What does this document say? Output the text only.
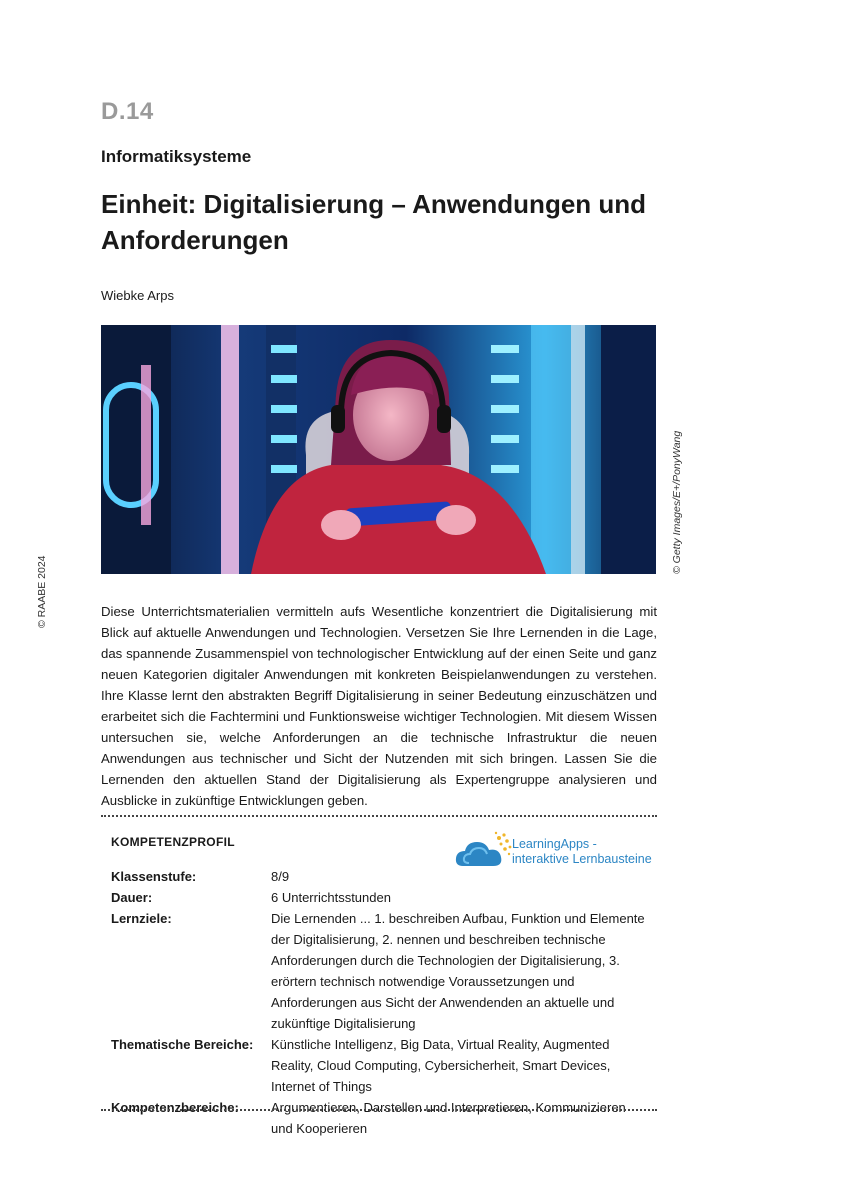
D.14
Informatiksysteme
Einheit: Digitalisierung – Anwendungen und Anforderungen
Wiebke Arps
© Getty Images/E+/PonyWang
© RAABE 2024	Diese Unterrichtsmaterialien vermitteln aufs Wesentliche konzentriert die Digitalisierung mit Blick auf aktuelle Anwendungen und Technologien. Versetzen Sie Ihre Lernenden in die Lage, das spannende Zusammenspiel von technologischer Entwicklung auf der einen Seite und ganz neuen Kategorien digitaler Anwendungen mit konkreten Beispielanwendungen zu verstehen. Ihre Klasse lernt den abstrakten Begriff Digitalisierung in seiner Bedeutung einzuschätzen und erarbeitet sich die Fachtermini und Funktionsweise wichtiger Technologien. Mit diesem Wissen untersuchen sie, welche Anforderungen an die technische Infrastruktur die neuen Anwendungen aus technischer und Sicht der Nutzenden mit sich bringen. Lassen Sie die Lernenden den aktuellen Stand der Digitalisierung als Expertengruppe analysieren und Ausblicke in zukünftige Entwicklungen geben.

KOMPETENZPROFIL	LearningApps -
interaktive Lernbausteine
Klassenstufe:	8/9
Dauer:	6 Unterrichtsstunden
Lernziele:	Die Lernenden ... 1. beschreiben Aufbau, Funktion und Elemente der Digitalisierung, 2. nennen und beschreiben technische Anforderungen durch die Technologien der Digitalisierung, 3. erörtern technisch notwendige Voraussetzungen und Anforderungen aus Sicht der Anwendenden an aktuelle und zukünftige Digitalisierung
Thematische Bereiche:	Künstliche Intelligenz, Big Data, Virtual Reality, Augmented Reality, Cloud Computing, Cybersicherheit, Smart Devices, Internet of Things
Kompetenzbereiche:	Argumentieren, Darstellen und Interpretieren, Kommunizieren und Kooperieren
